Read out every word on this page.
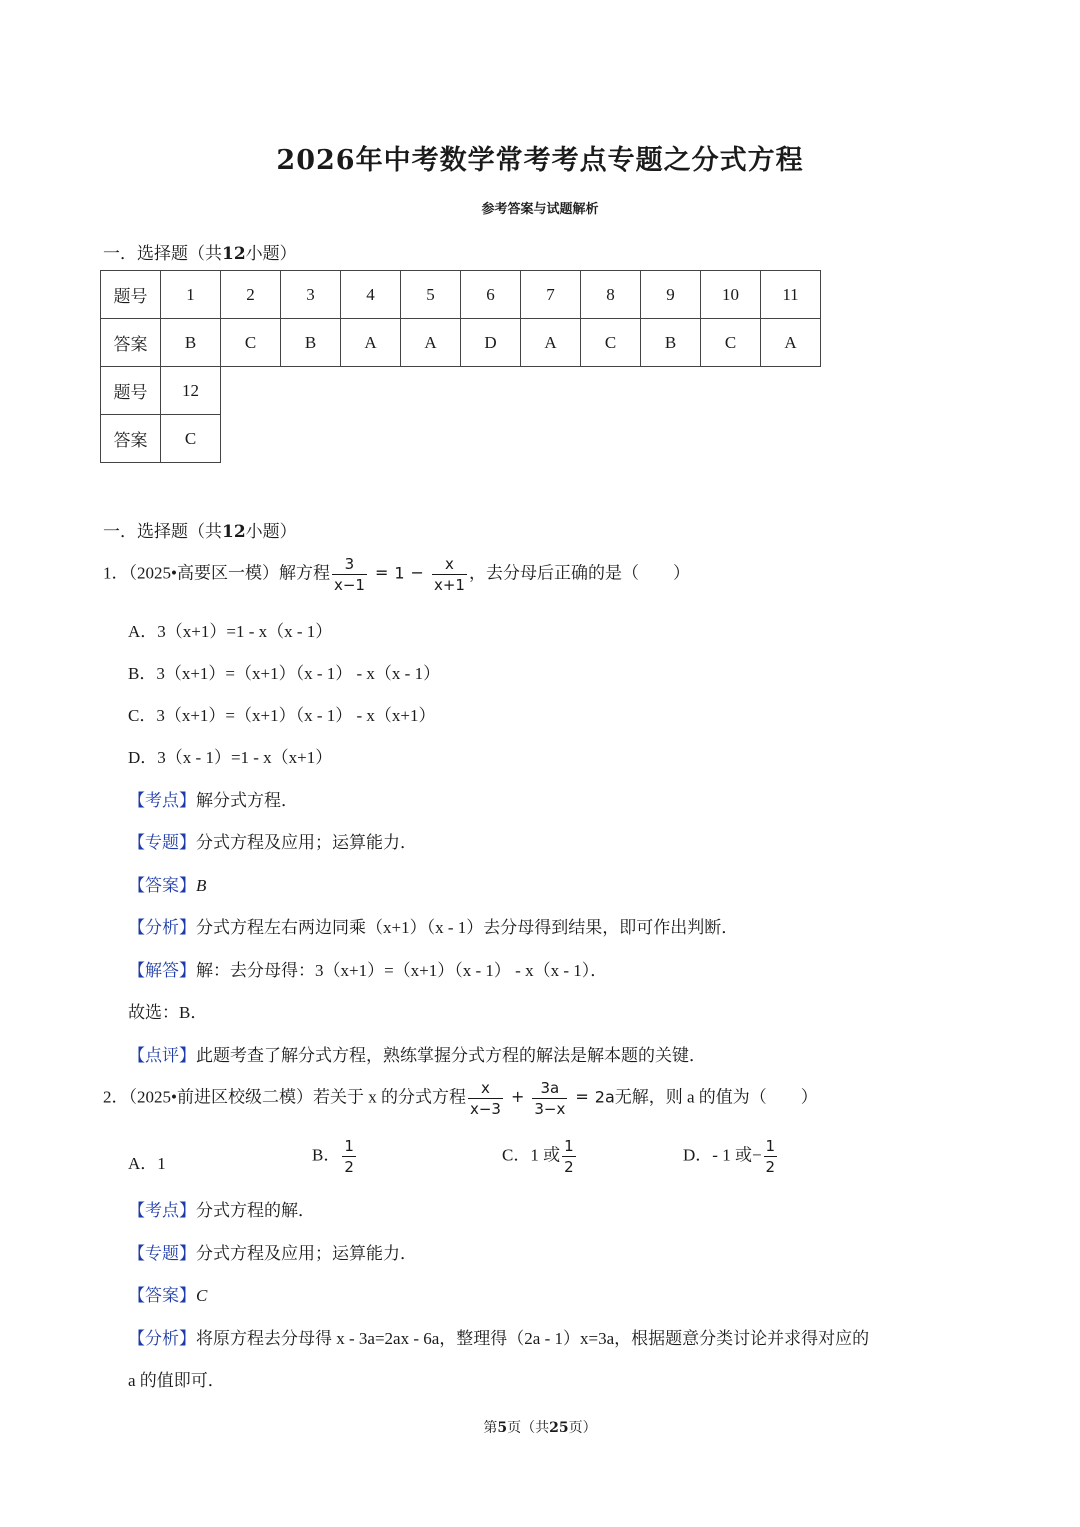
2026年中考数学常考考点专题之分式方程
参考答案与试题解析
一．选择题（共12小题）
题号	1	2	3	4	5	6	7	8	9	10	11
答案	B	C	B	A	A	D	A	C	B	C	A
题号	12
答案	C
一．选择题（共12小题）
1．（2025•高要区一模）解方程 $\frac{3}{x-1} = 1 - \frac{x}{x+1}$ ，去分母后正确的是（　　）
A．3（x+1）=1 - x（x - 1）
B．3（x+1）=（x+1）（x - 1） - x（x - 1）
C．3（x+1）=（x+1）（x - 1） - x（x+1）
D．3（x - 1）=1 - x（x+1）
【考点】解分式方程．
【专题】分式方程及应用；运算能力．
【答案】B
【分析】分式方程左右两边同乘（x+1）（x - 1）去分母得到结果，即可作出判断．
【解答】解：去分母得：3（x+1）=（x+1）（x - 1） - x（x - 1）．
故选：B．
【点评】此题考查了解分式方程，熟练掌握分式方程的解法是解本题的关键．
2．（2025•前进区校级二模）若关于 x 的分式方程 $\frac{x}{x-3} + \frac{3a}{3-x} = 2a$无解，则 a 的值为（　　）
A．1	B． $\frac{1}{2}$	C．1 或 $\frac{1}{2}$	D．- 1 或− $\frac{1}{2}$
【考点】分式方程的解．
【专题】分式方程及应用；运算能力．
【答案】C
【分析】将原方程去分母得 x - 3a=2ax - 6a，整理得（2a - 1）x=3a，根据题意分类讨论并求得对应的
a 的值即可．
第5页（共25页）
